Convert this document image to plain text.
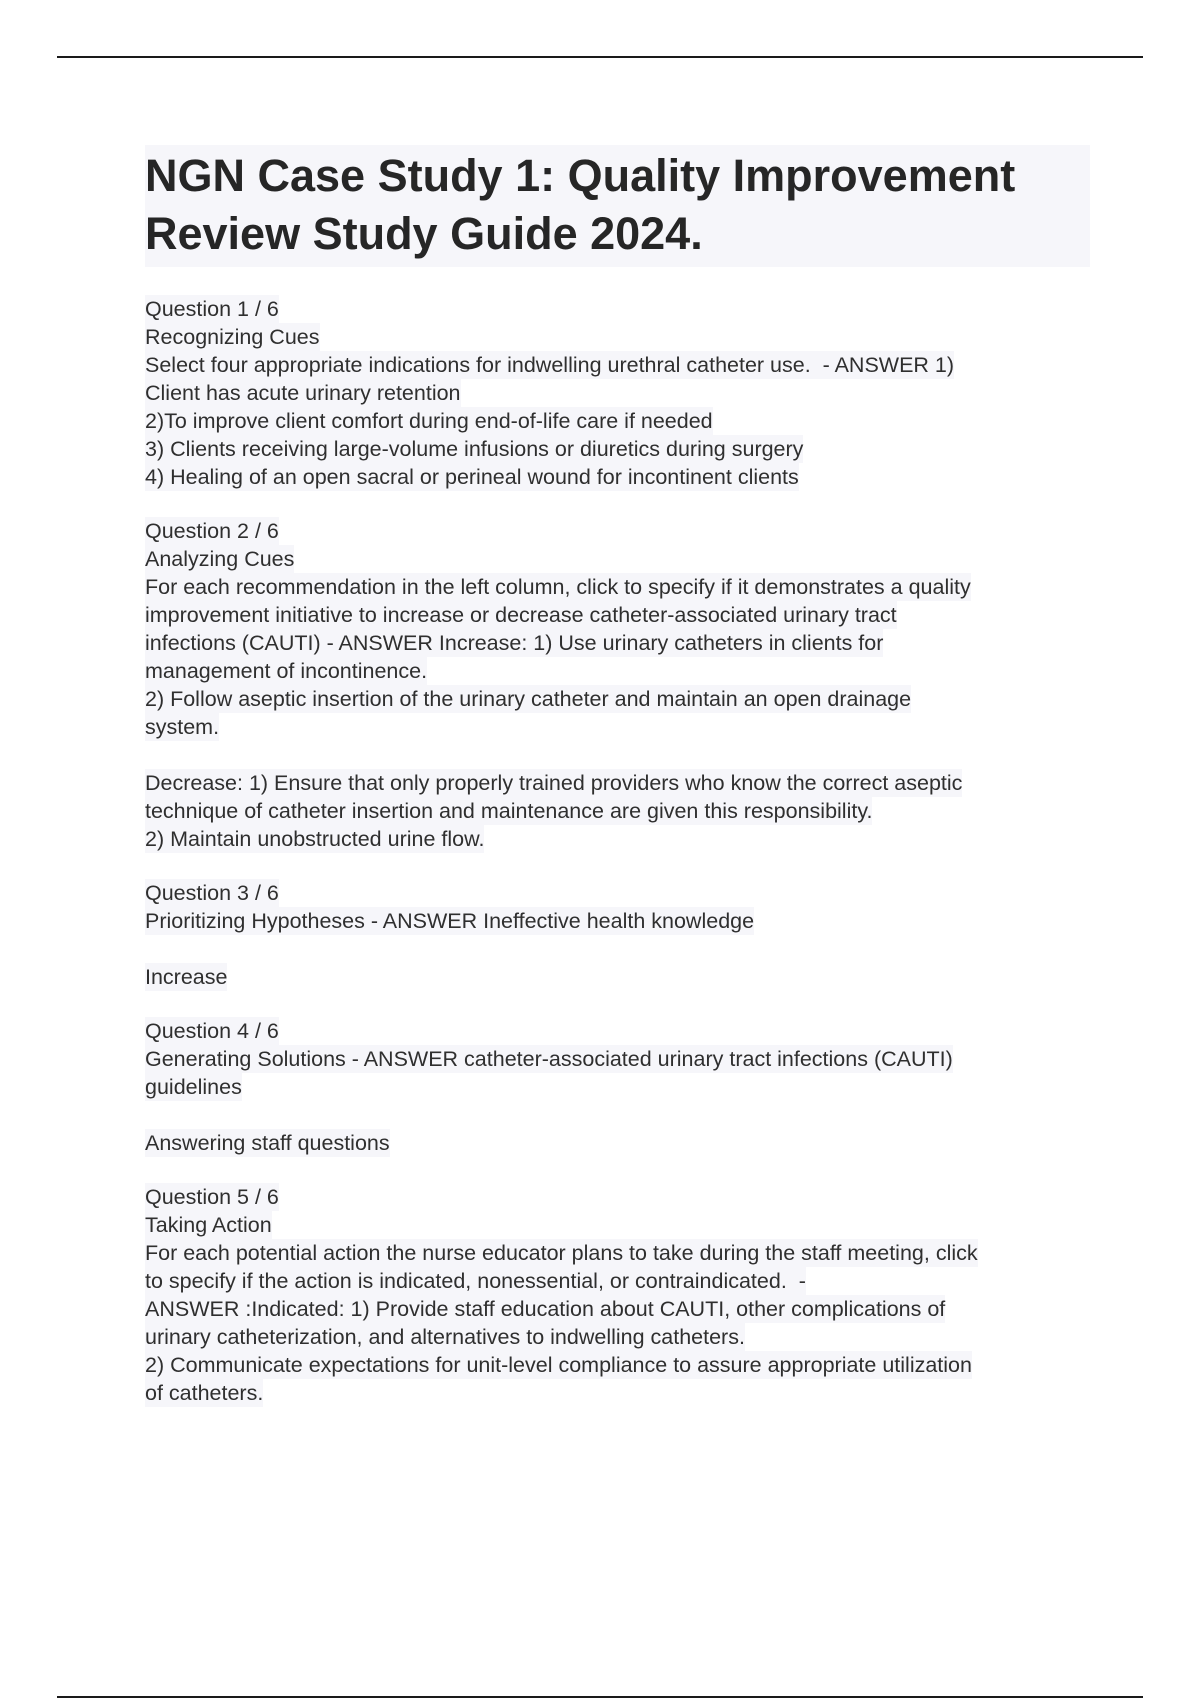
NGN Case Study 1: Quality Improvement
Review Study Guide 2024.
Question 1 / 6
Recognizing Cues
Select four appropriate indications for indwelling urethral catheter use.  - ANSWER 1)
Client has acute urinary retention
2)To improve client comfort during end-of-life care if needed
3) Clients receiving large-volume infusions or diuretics during surgery
4) Healing of an open sacral or perineal wound for incontinent clients
Question 2 / 6
Analyzing Cues
For each recommendation in the left column, click to specify if it demonstrates a quality
improvement initiative to increase or decrease catheter-associated urinary tract
infections (CAUTI) - ANSWER Increase: 1) Use urinary catheters in clients for
management of incontinence.
2) Follow aseptic insertion of the urinary catheter and maintain an open drainage
system.
Decrease: 1) Ensure that only properly trained providers who know the correct aseptic
technique of catheter insertion and maintenance are given this responsibility.
2) Maintain unobstructed urine flow.
Question 3 / 6
Prioritizing Hypotheses - ANSWER Ineffective health knowledge
Increase
Question 4 / 6
Generating Solutions - ANSWER catheter-associated urinary tract infections (CAUTI)
guidelines
Answering staff questions
Question 5 / 6
Taking Action
For each potential action the nurse educator plans to take during the staff meeting, click
to specify if the action is indicated, nonessential, or contraindicated.  -
ANSWER :Indicated: 1) Provide staff education about CAUTI, other complications of
urinary catheterization, and alternatives to indwelling catheters.
2) Communicate expectations for unit-level compliance to assure appropriate utilization
of catheters.
